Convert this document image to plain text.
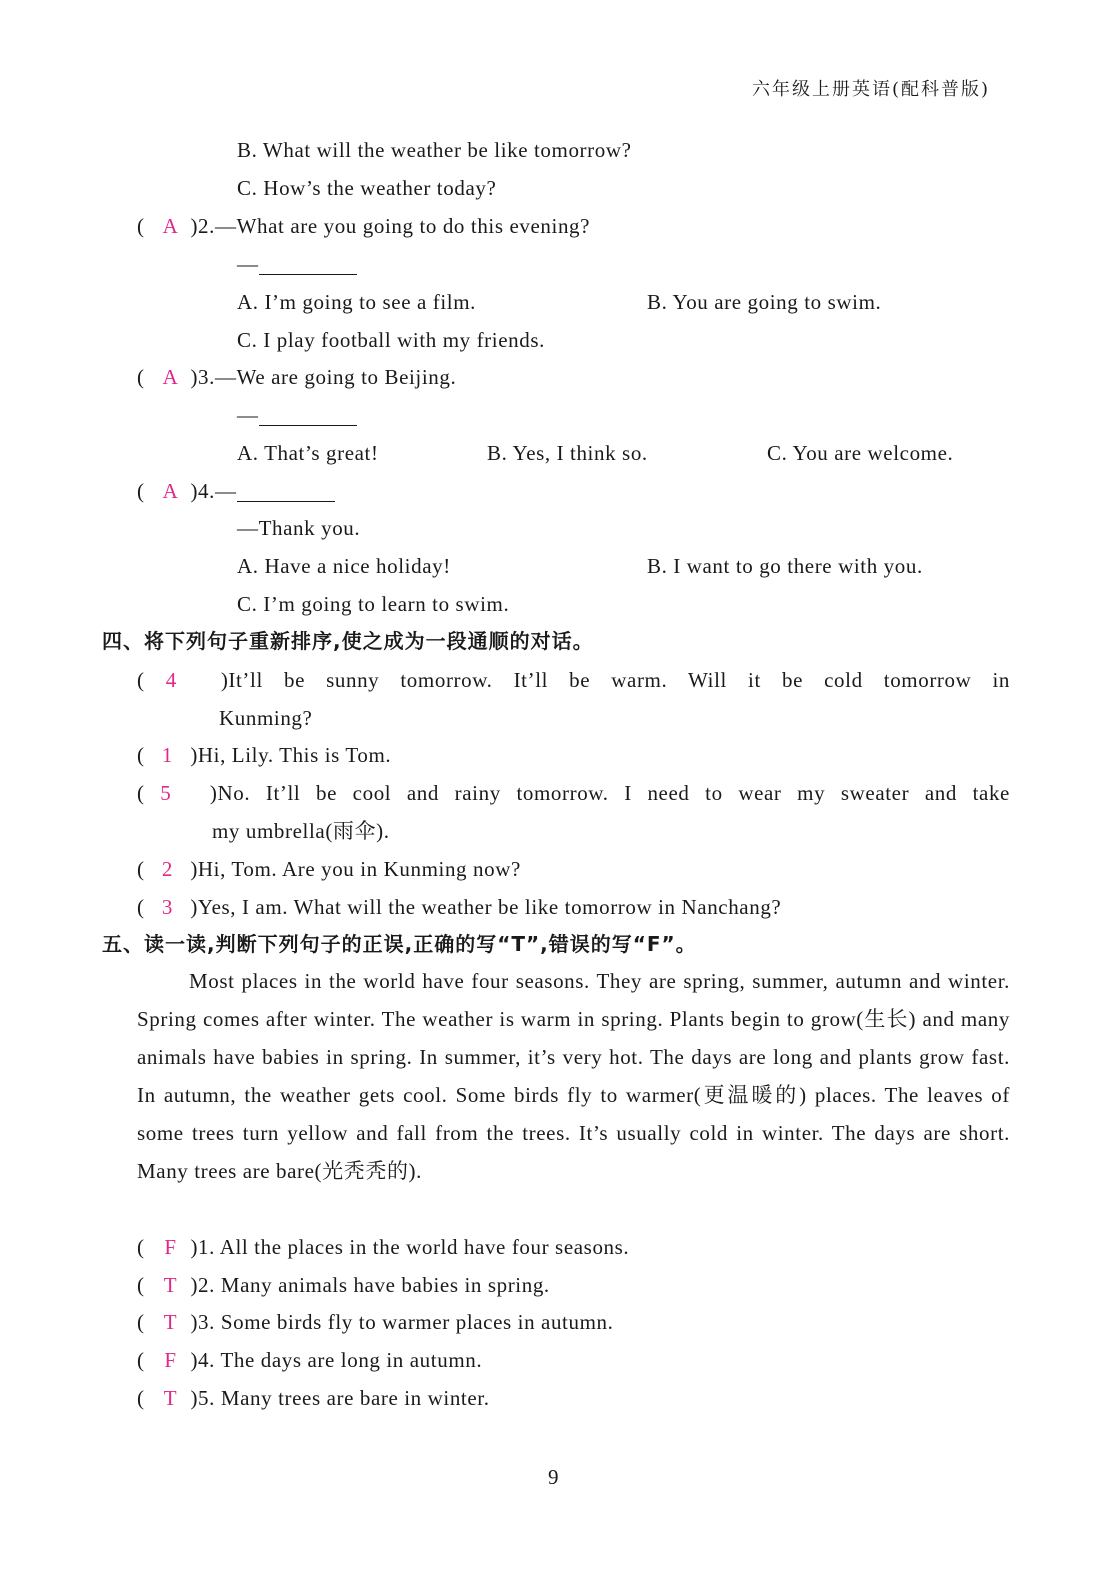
六年级上册英语(配科普版)
B. What will the weather be like tomorrow?
C. How’s the weather today?
( A )2.—What are you going to do this evening?
—
A. I’m going to see a film.	B. You are going to swim.
C. I play football with my friends.
( A )3.—We are going to Beijing.
—
A. That’s great!	B. Yes, I think so.	C. You are welcome.
( A )4.—
—Thank you.
A. Have a nice holiday!	B. I want to go there with you.
C. I’m going to learn to swim.
四、将下列句子重新排序,使之成为一段通顺的对话。
( 4 )It’ll be sunny tomorrow. It’ll be warm. Will it be cold tomorrow in
Kunming?
( 1 )Hi, Lily. This is Tom.
( 5 )No. It’ll be cool and rainy tomorrow. I need to wear my sweater and take
my umbrella(雨伞).
( 2 )Hi, Tom. Are you in Kunming now?
( 3 )Yes, I am. What will the weather be like tomorrow in Nanchang?
五、读一读,判断下列句子的正误,正确的写“T”,错误的写“F”。

Most places in the world have four seasons. They are spring, summer, autumn and winter. Spring comes after winter. The weather is warm in spring. Plants begin to grow(生长) and many animals have babies in spring. In summer, it’s very hot. The days are long and plants grow fast. In autumn, the weather gets cool. Some birds fly to warmer(更温暖的) places. The leaves of some trees turn yellow and fall from the trees. It’s usually cold in winter. The days are short. Many trees are bare(光秃秃的).

( F )1. All the places in the world have four seasons.
( T )2. Many animals have babies in spring.
( T )3. Some birds fly to warmer places in autumn.
( F )4. The days are long in autumn.
( T )5. Many trees are bare in winter.
9
